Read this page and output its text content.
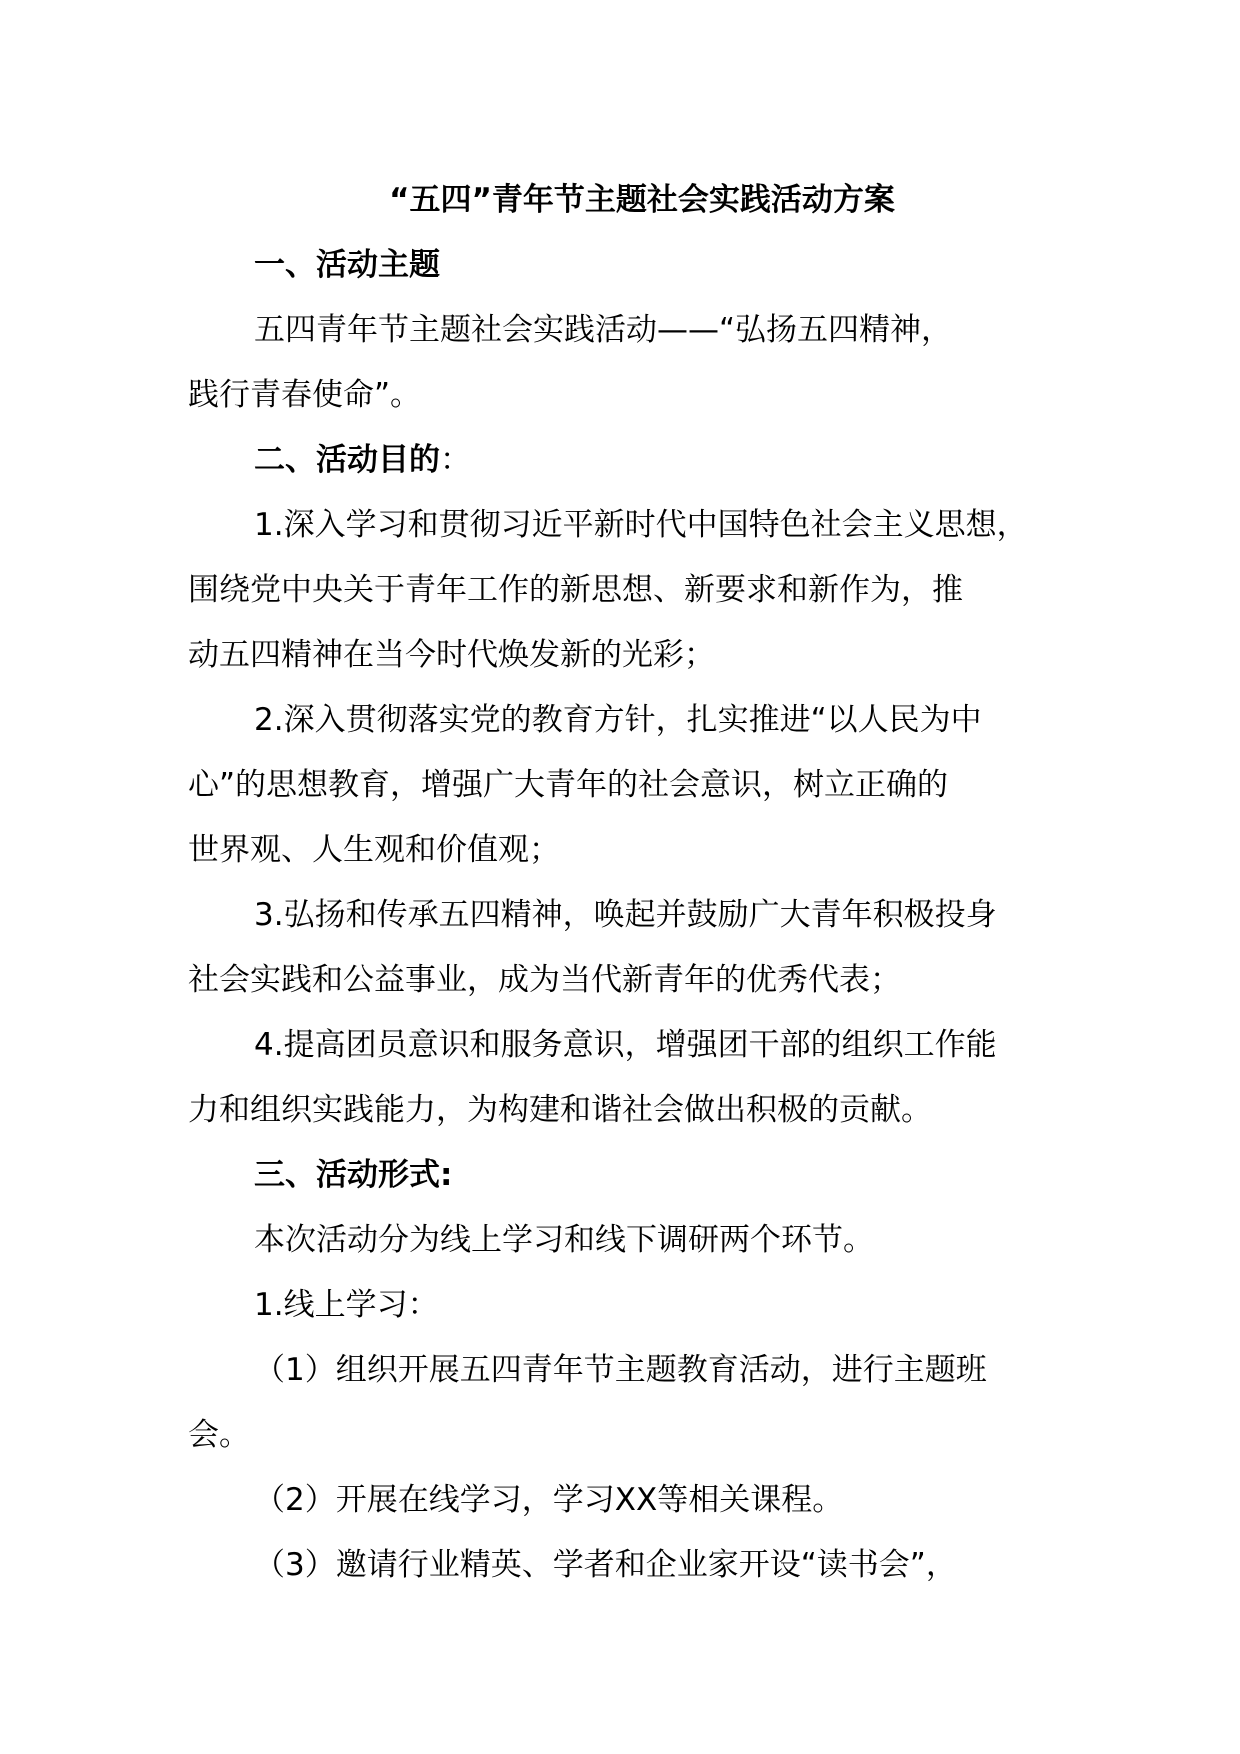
“五四”青年节主题社会实践活动方案
一、活动主题

五四青年节主题社会实践活动——“弘扬五四精神，
践行青春使命”。

二、活动目的：

1.深入学习和贯彻习近平新时代中国特色社会主义思想，
围绕党中央关于青年工作的新思想、新要求和新作为，推
动五四精神在当今时代焕发新的光彩；

2.深入贯彻落实党的教育方针，扎实推进“以人民为中
心”的思想教育，增强广大青年的社会意识，树立正确的
世界观、人生观和价值观；

3.弘扬和传承五四精神，唤起并鼓励广大青年积极投身
社会实践和公益事业，成为当代新青年的优秀代表；

4.提高团员意识和服务意识，增强团干部的组织工作能
力和组织实践能力，为构建和谐社会做出积极的贡献。

三、活动形式:

本次活动分为线上学习和线下调研两个环节。

1.线上学习：

（1）组织开展五四青年节主题教育活动，进行主题班
会。

（2）开展在线学习，学习XX等相关课程。

（3）邀请行业精英、学者和企业家开设“读书会”，
